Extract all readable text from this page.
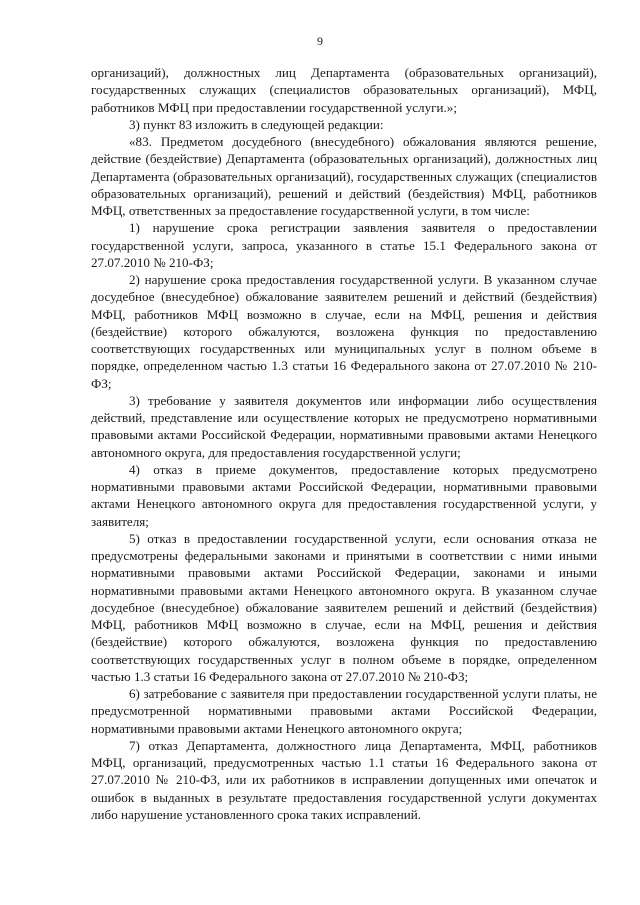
9

организаций), должностных лиц Департамента (образовательных организаций), государственных служащих (специалистов образовательных организаций), МФЦ, работников МФЦ при предоставлении государственной услуги.»;

3) пункт 83 изложить в следующей редакции:

«83. Предметом досудебного (внесудебного) обжалования являются решение, действие (бездействие) Департамента (образовательных организаций), должностных лиц Департамента (образовательных организаций), государственных служащих (специалистов образовательных организаций), решений и действий (бездействия) МФЦ, работников МФЦ, ответственных за предоставление государственной услуги, в том числе:

1) нарушение срока регистрации заявления заявителя о предоставлении государственной услуги, запроса, указанного в статье 15.1 Федерального закона от 27.07.2010 № 210-ФЗ;

2) нарушение срока предоставления государственной услуги. В указанном случае досудебное (внесудебное) обжалование заявителем решений и действий (бездействия) МФЦ, работников МФЦ возможно в случае, если на МФЦ, решения и действия (бездействие) которого обжалуются, возложена функция по предоставлению соответствующих государственных или муниципальных услуг в полном объеме в порядке, определенном частью 1.3 статьи 16 Федерального закона от 27.07.2010 № 210-ФЗ;

3) требование у заявителя документов или информации либо осуществления действий, представление или осуществление которых не предусмотрено нормативными правовыми актами Российской Федерации, нормативными правовыми актами Ненецкого автономного округа, для предоставления государственной услуги;

4) отказ в приеме документов, предоставление которых предусмотрено нормативными правовыми актами Российской Федерации, нормативными правовыми актами Ненецкого автономного округа для предоставления государственной услуги, у заявителя;

5) отказ в предоставлении государственной услуги, если основания отказа не предусмотрены федеральными законами и принятыми в соответствии с ними иными нормативными правовыми актами Российской Федерации, законами и иными нормативными правовыми актами Ненецкого автономного округа. В указанном случае досудебное (внесудебное) обжалование заявителем решений и действий (бездействия) МФЦ, работников МФЦ возможно в случае, если на МФЦ, решения и действия (бездействие) которого обжалуются, возложена функция по предоставлению соответствующих государственных услуг в полном объеме в порядке, определенном частью 1.3 статьи 16 Федерального закона от 27.07.2010 № 210-ФЗ;

6) затребование с заявителя при предоставлении государственной услуги платы, не предусмотренной нормативными правовыми актами Российской Федерации, нормативными правовыми актами Ненецкого автономного округа;

7) отказ Департамента, должностного лица Департамента, МФЦ, работников МФЦ, организаций, предусмотренных частью 1.1 статьи 16 Федерального закона от 27.07.2010 № 210-ФЗ, или их работников в исправлении допущенных ими опечаток и ошибок в выданных в результате предоставления государственной услуги документах либо нарушение установленного срока таких исправлений.
